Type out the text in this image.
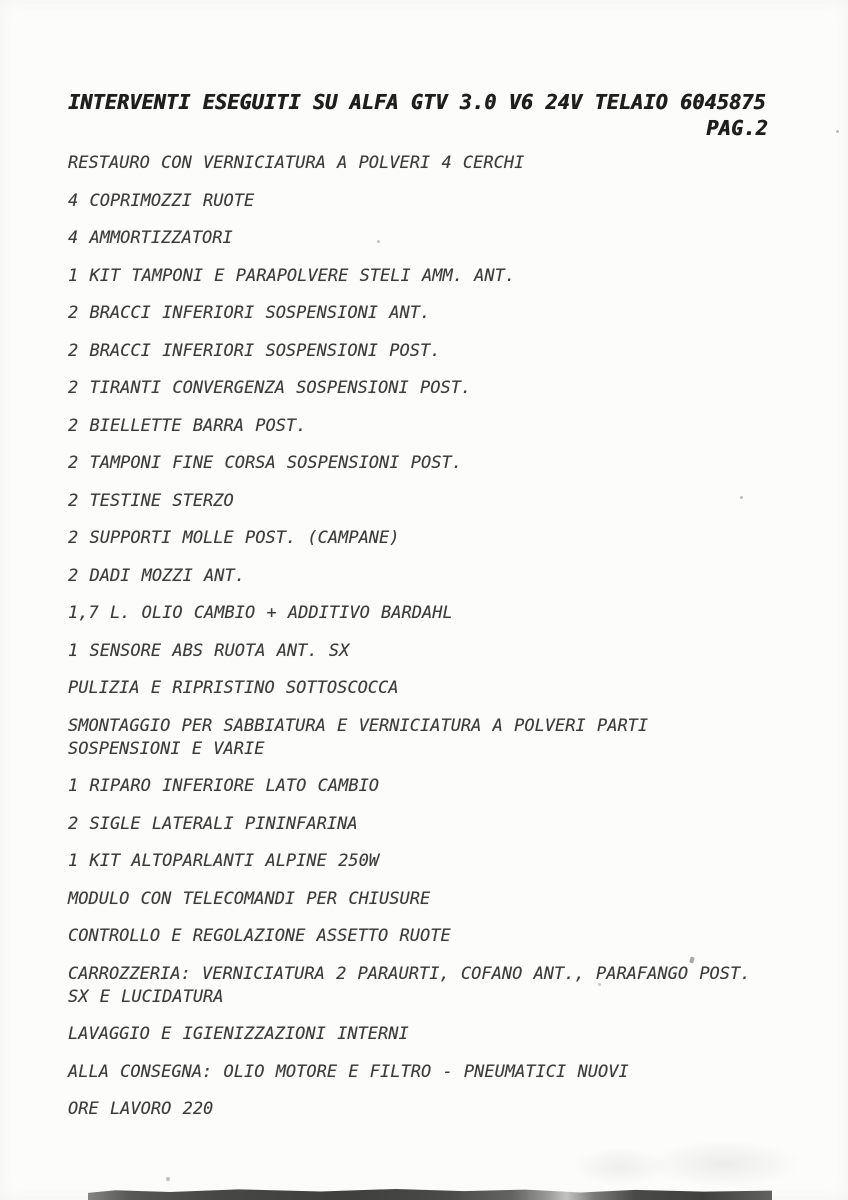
INTERVENTI ESEGUITI SU ALFA GTV 3.0 V6 24V TELAIO 6045875

PAG.2

RESTAURO CON VERNICIATURA A POLVERI 4 CERCHI

4 COPRIMOZZI RUOTE

4 AMMORTIZZATORI

1 KIT TAMPONI E PARAPOLVERE STELI AMM. ANT.

2 BRACCI INFERIORI SOSPENSIONI ANT.

2 BRACCI INFERIORI SOSPENSIONI POST.

2 TIRANTI CONVERGENZA SOSPENSIONI POST.

2 BIELLETTE BARRA POST.

2 TAMPONI FINE CORSA SOSPENSIONI POST.

2 TESTINE STERZO

2 SUPPORTI MOLLE POST. (CAMPANE)

2 DADI MOZZI ANT.

1,7 L. OLIO CAMBIO + ADDITIVO BARDAHL

1 SENSORE ABS RUOTA ANT. SX

PULIZIA E RIPRISTINO SOTTOSCOCCA

SMONTAGGIO PER SABBIATURA E VERNICIATURA A POLVERI PARTI SOSPENSIONI E VARIE

1 RIPARO INFERIORE LATO CAMBIO

2 SIGLE LATERALI PININFARINA

1 KIT ALTOPARLANTI ALPINE 250W

MODULO CON TELECOMANDI PER CHIUSURE

CONTROLLO E REGOLAZIONE ASSETTO RUOTE

CARROZZERIA: VERNICIATURA 2 PARAURTI, COFANO ANT., PARAFANGO POST. SX E LUCIDATURA

LAVAGGIO E IGIENIZZAZIONI INTERNI

ALLA CONSEGNA: OLIO MOTORE E FILTRO - PNEUMATICI NUOVI

ORE LAVORO 220
